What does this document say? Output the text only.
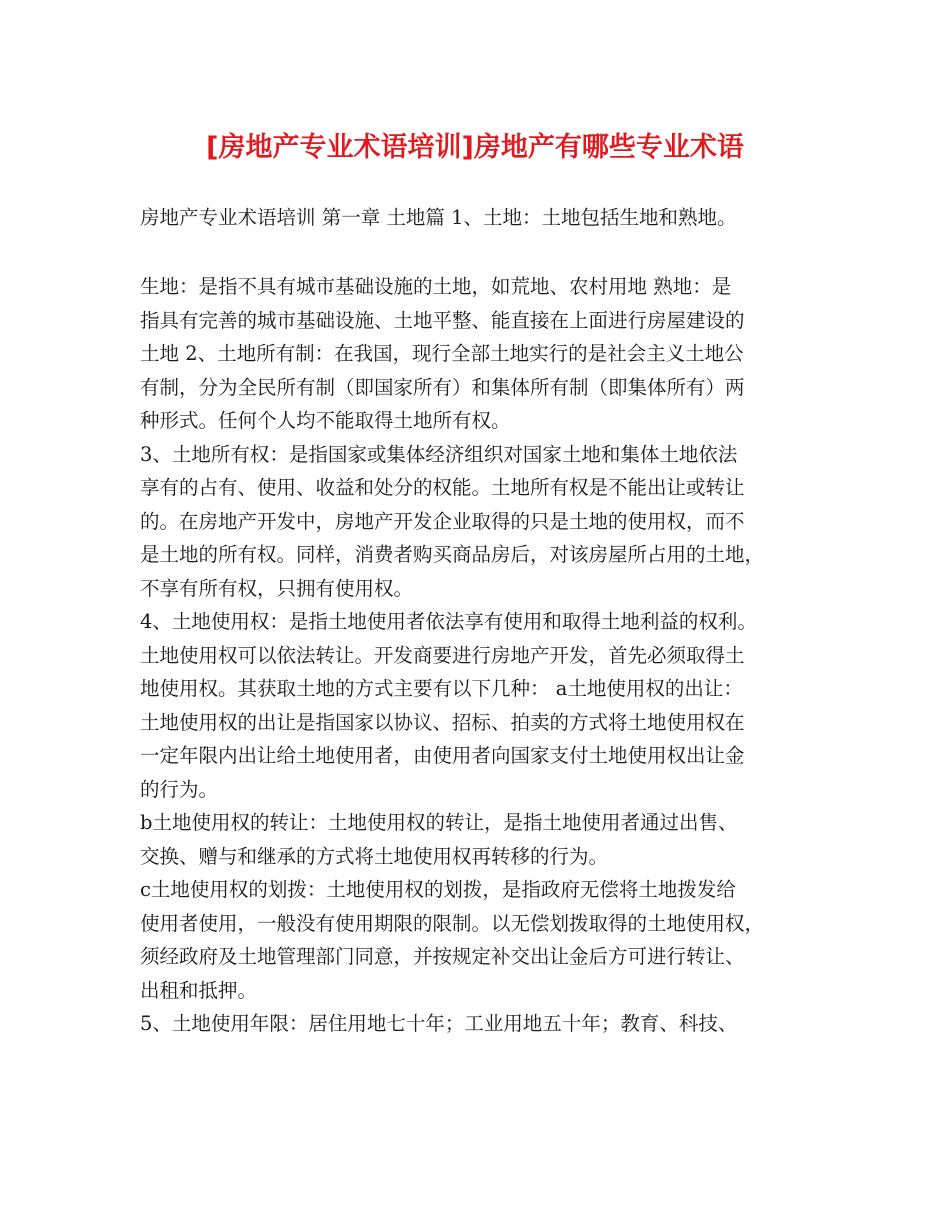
[房地产专业术语培训]房地产有哪些专业术语
房地产专业术语培训 第一章 土地篇 1、土地：土地包括生地和熟地。
生地：是指不具有城市基础设施的土地，如荒地、农村用地 熟地：是
指具有完善的城市基础设施、土地平整、能直接在上面进行房屋建设的
土地 2、土地所有制：在我国，现行全部土地实行的是社会主义土地公
有制，分为全民所有制（即国家所有）和集体所有制（即集体所有）两
种形式。任何个人均不能取得土地所有权。
3、土地所有权：是指国家或集体经济组织对国家土地和集体土地依法
享有的占有、使用、收益和处分的权能。土地所有权是不能出让或转让
的。在房地产开发中，房地产开发企业取得的只是土地的使用权，而不
是土地的所有权。同样，消费者购买商品房后，对该房屋所占用的土地，
不享有所有权，只拥有使用权。
4、土地使用权：是指土地使用者依法享有使用和取得土地利益的权利。
土地使用权可以依法转让。开发商要进行房地产开发，首先必须取得土
地使用权。其获取土地的方式主要有以下几种： a土地使用权的出让：
土地使用权的出让是指国家以协议、招标、拍卖的方式将土地使用权在
一定年限内出让给土地使用者，由使用者向国家支付土地使用权出让金
的行为。
b土地使用权的转让：土地使用权的转让，是指土地使用者通过出售、
交换、赠与和继承的方式将土地使用权再转移的行为。
c土地使用权的划拨：土地使用权的划拨，是指政府无偿将土地拨发给
使用者使用，一般没有使用期限的限制。以无偿划拨取得的土地使用权，
须经政府及土地管理部门同意，并按规定补交出让金后方可进行转让、
出租和抵押。
5、土地使用年限：居住用地七十年；工业用地五十年；教育、科技、
